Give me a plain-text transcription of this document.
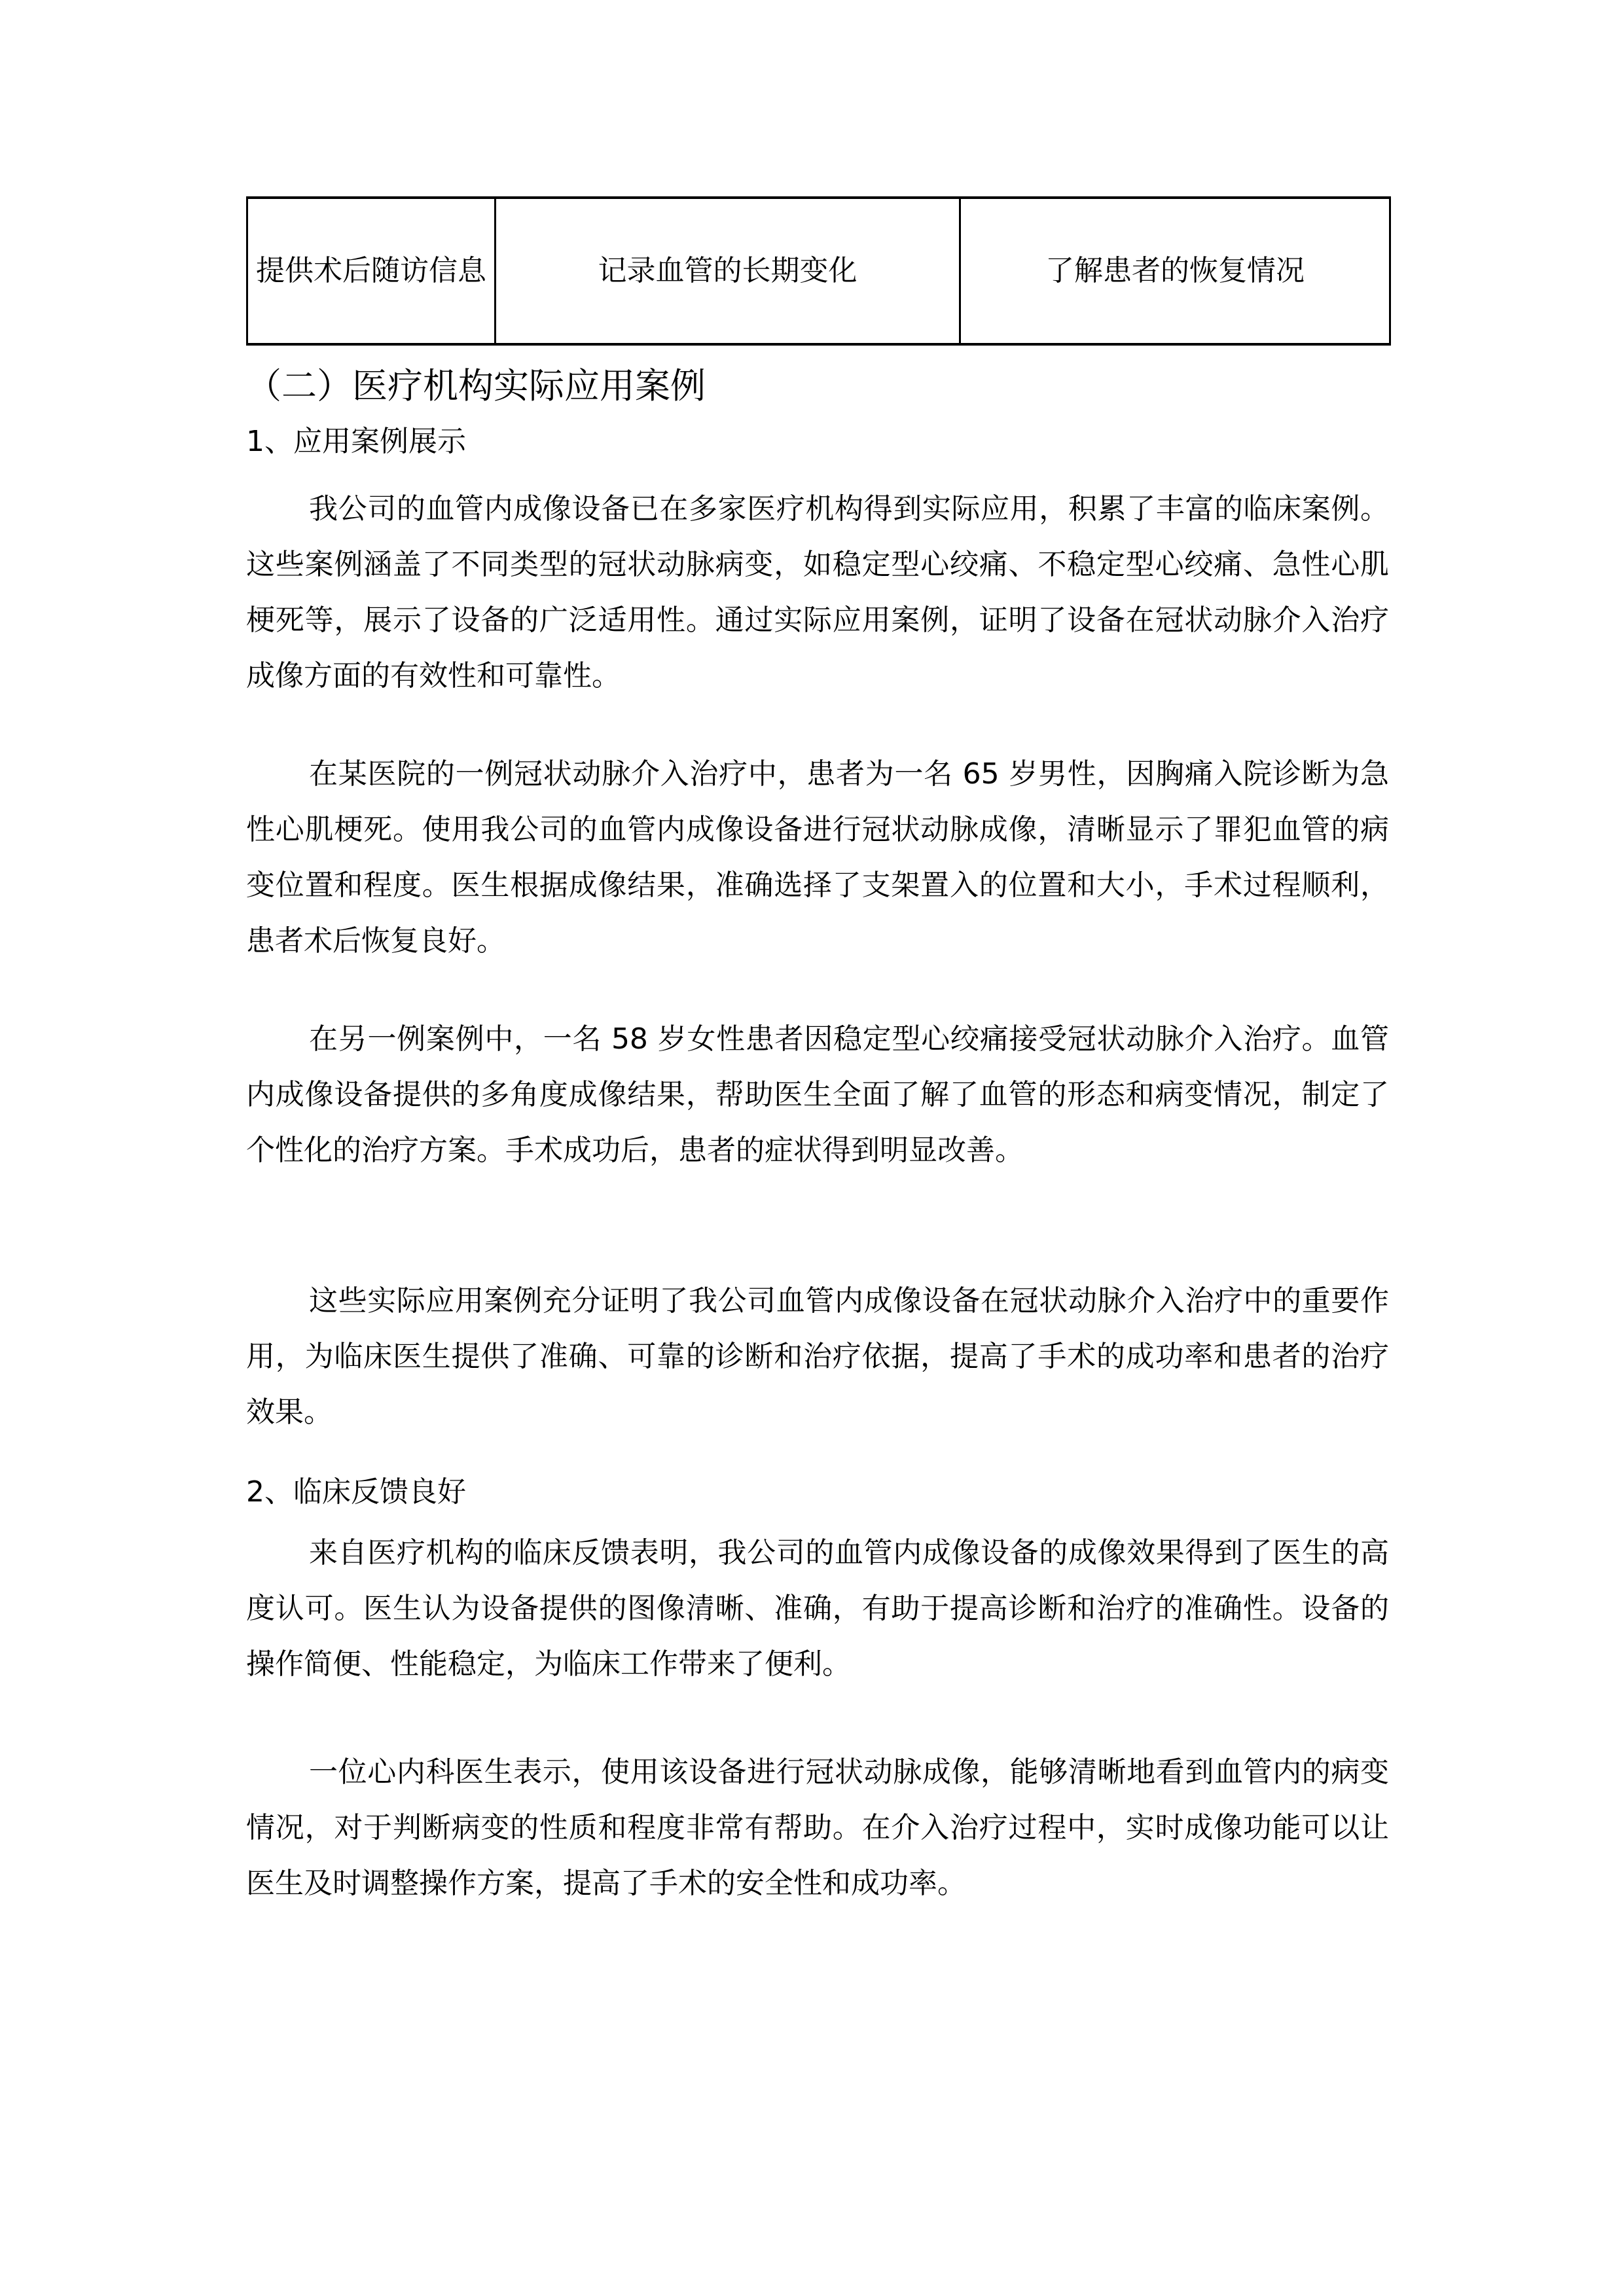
提供术后随访信息	记录血管的长期变化	了解患者的恢复情况
（二）医疗机构实际应用案例
1、应用案例展示

我公司的血管内成像设备已在多家医疗机构得到实际应用，积累了丰富的临床案例。这些案例涵盖了不同类型的冠状动脉病变，如稳定型心绞痛、不稳定型心绞痛、急性心肌梗死等，展示了设备的广泛适用性。通过实际应用案例，证明了设备在冠状动脉介入治疗成像方面的有效性和可靠性。

在某医院的一例冠状动脉介入治疗中，患者为一名 65 岁男性，因胸痛入院诊断为急性心肌梗死。使用我公司的血管内成像设备进行冠状动脉成像，清晰显示了罪犯血管的病变位置和程度。医生根据成像结果，准确选择了支架置入的位置和大小，手术过程顺利，患者术后恢复良好。

在另一例案例中，一名 58 岁女性患者因稳定型心绞痛接受冠状动脉介入治疗。血管内成像设备提供的多角度成像结果，帮助医生全面了解了血管的形态和病变情况，制定了个性化的治疗方案。手术成功后，患者的症状得到明显改善。

这些实际应用案例充分证明了我公司血管内成像设备在冠状动脉介入治疗中的重要作用，为临床医生提供了准确、可靠的诊断和治疗依据，提高了手术的成功率和患者的治疗效果。

2、临床反馈良好

来自医疗机构的临床反馈表明，我公司的血管内成像设备的成像效果得到了医生的高度认可。医生认为设备提供的图像清晰、准确，有助于提高诊断和治疗的准确性。设备的操作简便、性能稳定，为临床工作带来了便利。

一位心内科医生表示，使用该设备进行冠状动脉成像，能够清晰地看到血管内的病变情况，对于判断病变的性质和程度非常有帮助。在介入治疗过程中，实时成像功能可以让医生及时调整操作方案，提高了手术的安全性和成功率。
